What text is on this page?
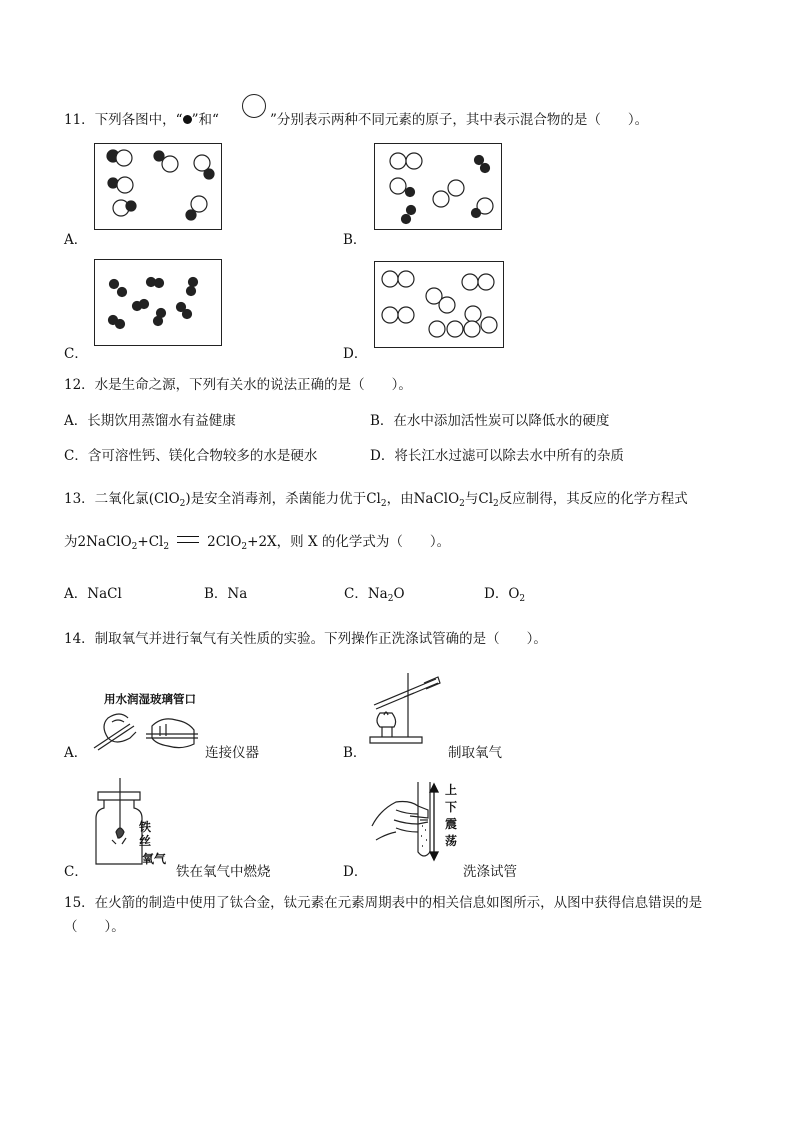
11．下列各图中，“ ”和“	”分别表示两种不同元素的原子，其中表示混合物的是（　　）。
A．	B．
C．	D．
12．水是生命之源，下列有关水的说法正确的是（　　）。
A．长期饮用蒸馏水有益健康	B．在水中添加活性炭可以降低水的硬度
C．含可溶性钙、镁化合物较多的水是硬水	D．将长江水过滤可以除去水中所有的杂质
13．二氧化氯(ClO$_2$)是安全消毒剂，杀菌能力优于$Cl_2$，由NaClO$_2$与$Cl_2$反应制得，其反应的化学方程式
为$2NaClO_2+Cl_2$	2ClO$_2$+2X，则 X 的化学式为（　　）。
A．NaCl	B．Na	C．$Na_2O$	D．$O_2$
14．制取氧气并进行氧气有关性质的实验。下列操作正洗涤试管确的是（　　）。
用水润湿玻璃管口
A．	连接仪器	B．	制取氧气
铁
丝
氧气
C．	铁在氧气中燃烧
上
下
震
荡
D．	洗涤试管
15．在火箭的制造中使用了钛合金，钛元素在元素周期表中的相关信息如图所示，从图中获得信息错误的是
（　　）。
